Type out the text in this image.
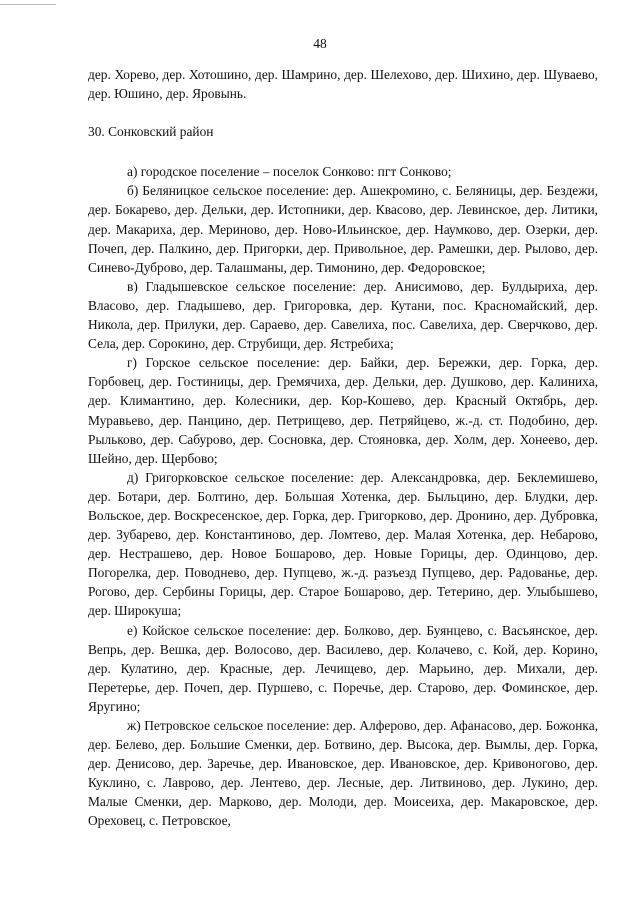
48

дер. Хорево, дер. Хотошино, дер. Шамрино, дер. Шелехово, дер. Шихино, дер. Шуваево, дер. Юшино, дер. Яровынь.

30. Сонковский район

а) городское поселение – поселок Сонково: пгт Сонково;

б) Беляницкое сельское поселение: дер. Ашекромино, с. Беляницы, дер. Бездежи, дер. Бокарево, дер. Дельки, дер. Истопники, дер. Квасово, дер. Левинское, дер. Литики, дер. Макариха, дер. Мериново, дер. Ново-Ильинское, дер. Наумково, дер. Озерки, дер. Почеп, дер. Палкино, дер. Пригорки, дер. Привольное, дер. Рамешки, дер. Рылово, дер. Синево-Дуброво, дер. Талашманы, дер. Тимонино, дер. Федоровское;

в) Гладышевское сельское поселение: дер. Анисимово, дер. Булдыриха, дер. Власово, дер. Гладышево, дер. Григоровка, дер. Кутани, пос. Красномайский, дер. Никола, дер. Прилуки, дер. Сараево, дер. Савелиха, пос. Савелиха, дер. Сверчково, дер. Села, дер. Сорокино, дер. Струбищи, дер. Ястребиха;

г) Горское сельское поселение: дер. Байки, дер. Бережки, дер. Горка, дер. Горбовец, дер. Гостиницы, дер. Гремячиха, дер. Дельки, дер. Душково, дер. Калиниха, дер. Климантино, дер. Колесники, дер. Кор-Кошево, дер. Красный Октябрь, дер. Муравьево, дер. Панцино, дер. Петрищево, дер. Петряйцево, ж.-д. ст. Подобино, дер. Рыльково, дер. Сабурово, дер. Сосновка, дер. Стояновка, дер. Холм, дер. Хонеево, дер. Шейно, дер. Щербово;

д) Григорковское сельское поселение: дер. Александровка, дер. Беклемишево, дер. Ботари, дер. Болтино, дер. Большая Хотенка, дер. Быльцино, дер. Блудки, дер. Вольское, дер. Воскресенское, дер. Горка, дер. Григорково, дер. Дронино, дер. Дубровка, дер. Зубарево, дер. Константиново, дер. Ломтево, дер. Малая Хотенка, дер. Небарово, дер. Нестрашево, дер. Новое Бошарово, дер. Новые Горицы, дер. Одинцово, дер. Погорелка, дер. Поводнево, дер. Пупцево, ж.-д. разъезд Пупцево, дер. Радованье, дер. Рогово, дер. Сербины Горицы, дер. Старое Бошарово, дер. Тетерино, дер. Улыбышево, дер. Широкуша;

е) Койское сельское поселение: дер. Болково, дер. Буянцево, с. Васьянское, дер. Вепрь, дер. Вешка, дер. Волосово, дер. Василево, дер. Колачево, с. Кой, дер. Корино, дер. Кулатино, дер. Красные, дер. Лечищево, дер. Марьино, дер. Михали, дер. Перетерье, дер. Почеп, дер. Пуршево, с. Поречье, дер. Старово, дер. Фоминское, дер. Яругино;

ж) Петровское сельское поселение: дер. Алферово, дер. Афанасово, дер. Божонка, дер. Белево, дер. Большие Сменки, дер. Ботвино, дер. Высока, дер. Вымлы, дер. Горка, дер. Денисово, дер. Заречье, дер. Ивановское, дер. Ивановское, дер. Кривоногово, дер. Куклино, с. Лаврово, дер. Лентево, дер. Лесные, дер. Литвиново, дер. Лукино, дер. Малые Сменки, дер. Марково, дер. Молоди, дер. Моисеиха, дер. Макаровское, дер. Ореховец, с. Петровское,
